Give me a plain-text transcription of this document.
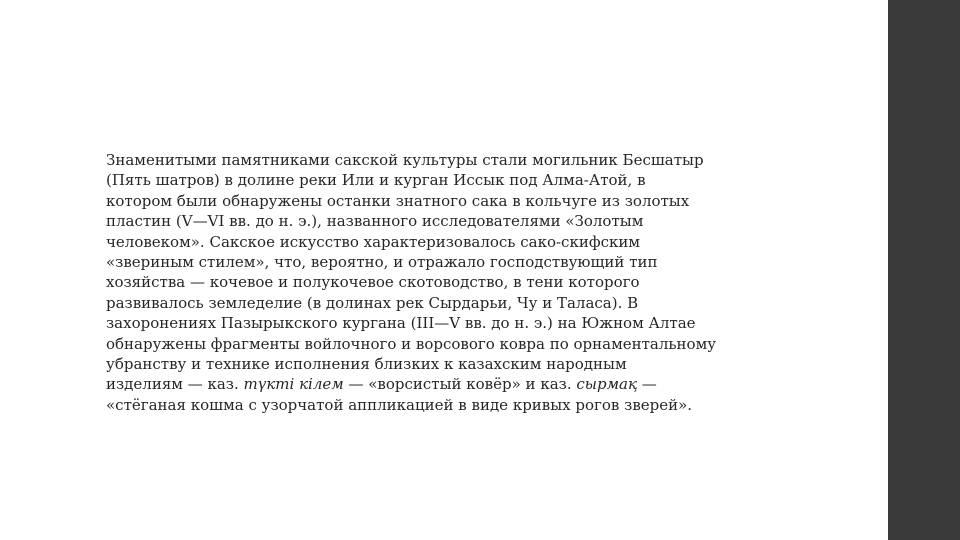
Знаменитыми памятниками сакской культуры стали могильник Бесшатыр
(Пять шатров) в долине реки Или и курган Иссык под Алма-Атой, в
котором были обнаружены останки знатного сака в кольчуге из золотых
пластин (V—VI вв. до н. э.), названного исследователями «Золотым
человеком». Сакское искусство характеризовалось сако-скифским
«звериным стилем», что, вероятно, и отражало господствующий тип
хозяйства — кочевое и полукочевое скотоводство, в тени которого
развивалось земледелие (в долинах рек Сырдарьи, Чу и Таласа). В
захоронениях Пазырыкского кургана (III—V вв. до н. э.) на Южном Алтае
обнаружены фрагменты войлочного и ворсового ковра по орнаментальному
убранству и технике исполнения близких к казахским народным
изделиям — каз. түкті кілем — «ворсистый ковёр» и каз. сырмақ —
«стёганая кошма с узорчатой аппликацией в виде кривых рогов зверей».
